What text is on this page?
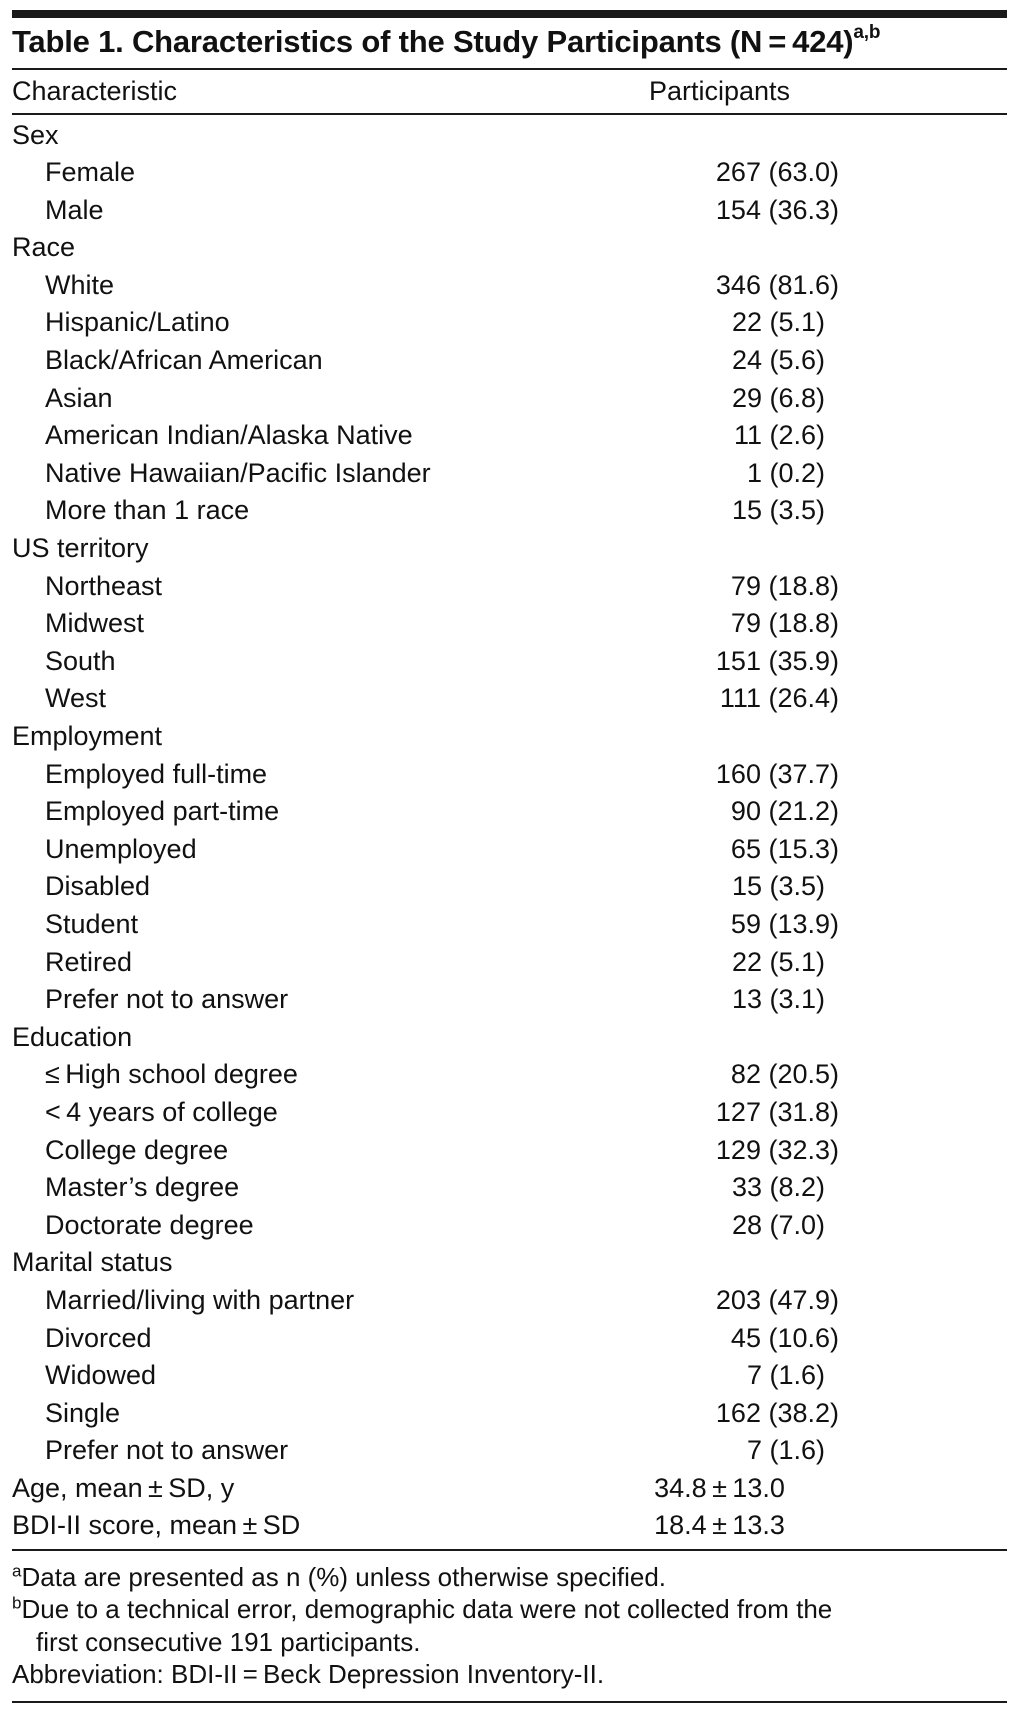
Table 1. Characteristics of the Study Participants (N = 424)$^{a,b}$
Characteristic	Participants
Sex
Female	267 (63.0)
Male	154 (36.3)
Race
White	346 (81.6)
Hispanic/Latino	22 (5.1)
Black/African American	24 (5.6)
Asian	29 (6.8)
American Indian/Alaska Native	11 (2.6)
Native Hawaiian/Pacific Islander	1 (0.2)
More than 1 race	15 (3.5)
US territory
Northeast	79 (18.8)
Midwest	79 (18.8)
South	151 (35.9)
West	111 (26.4)
Employment
Employed full-time	160 (37.7)
Employed part-time	90 (21.2)
Unemployed	65 (15.3)
Disabled	15 (3.5)
Student	59 (13.9)
Retired	22 (5.1)
Prefer not to answer	13 (3.1)
Education
≤ High school degree	82 (20.5)
< 4 years of college	127 (31.8)
College degree	129 (32.3)
Master’s degree	33 (8.2)
Doctorate degree	28 (7.0)
Marital status
Married/living with partner	203 (47.9)
Divorced	45 (10.6)
Widowed	7 (1.6)
Single	162 (38.2)
Prefer not to answer	7 (1.6)
Age, mean ± SD, y	34.8 ± 13.0
BDI-II score, mean ± SD	18.4 ± 13.3
$^a$Data are presented as n (%) unless otherwise specified.
$^b$Due to a technical error, demographic data were not collected from the
first consecutive 191 participants.
Abbreviation: BDI-II = Beck Depression Inventory-II.
